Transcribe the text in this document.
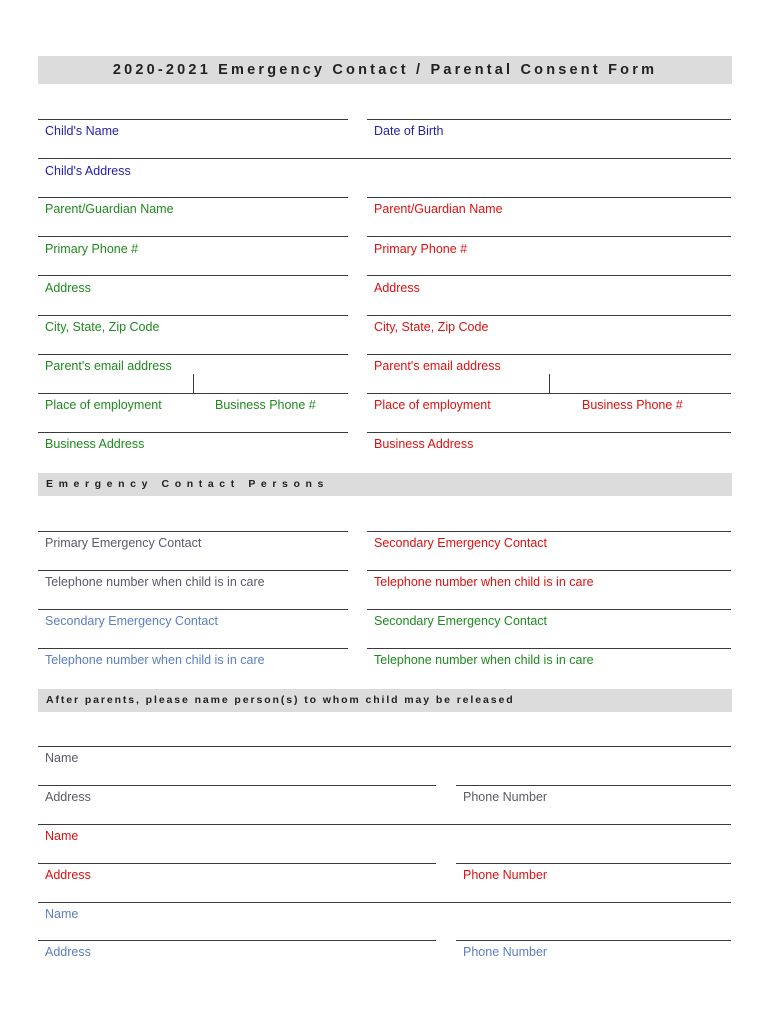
2020-2021 Emergency Contact / Parental Consent Form
Child's Name	Date of Birth
Child's Address
Parent/Guardian Name	Parent/Guardian Name
Primary Phone #	Primary Phone #
Address	Address
City, State, Zip Code	City, State, Zip Code
Parent's email address	Parent's email address
Place of employment	Business Phone #	Place of employment	Business Phone #
Business Address	Business Address
Emergency Contact Persons
Primary Emergency Contact	Secondary Emergency Contact
Telephone number when child is in care	Telephone number when child is in care
Secondary Emergency Contact	Secondary Emergency Contact
Telephone number when child is in care	Telephone number when child is in care
After parents, please name person(s) to whom child may be released
Name
Address	Phone Number
Name
Address	Phone Number
Name
Address	Phone Number
